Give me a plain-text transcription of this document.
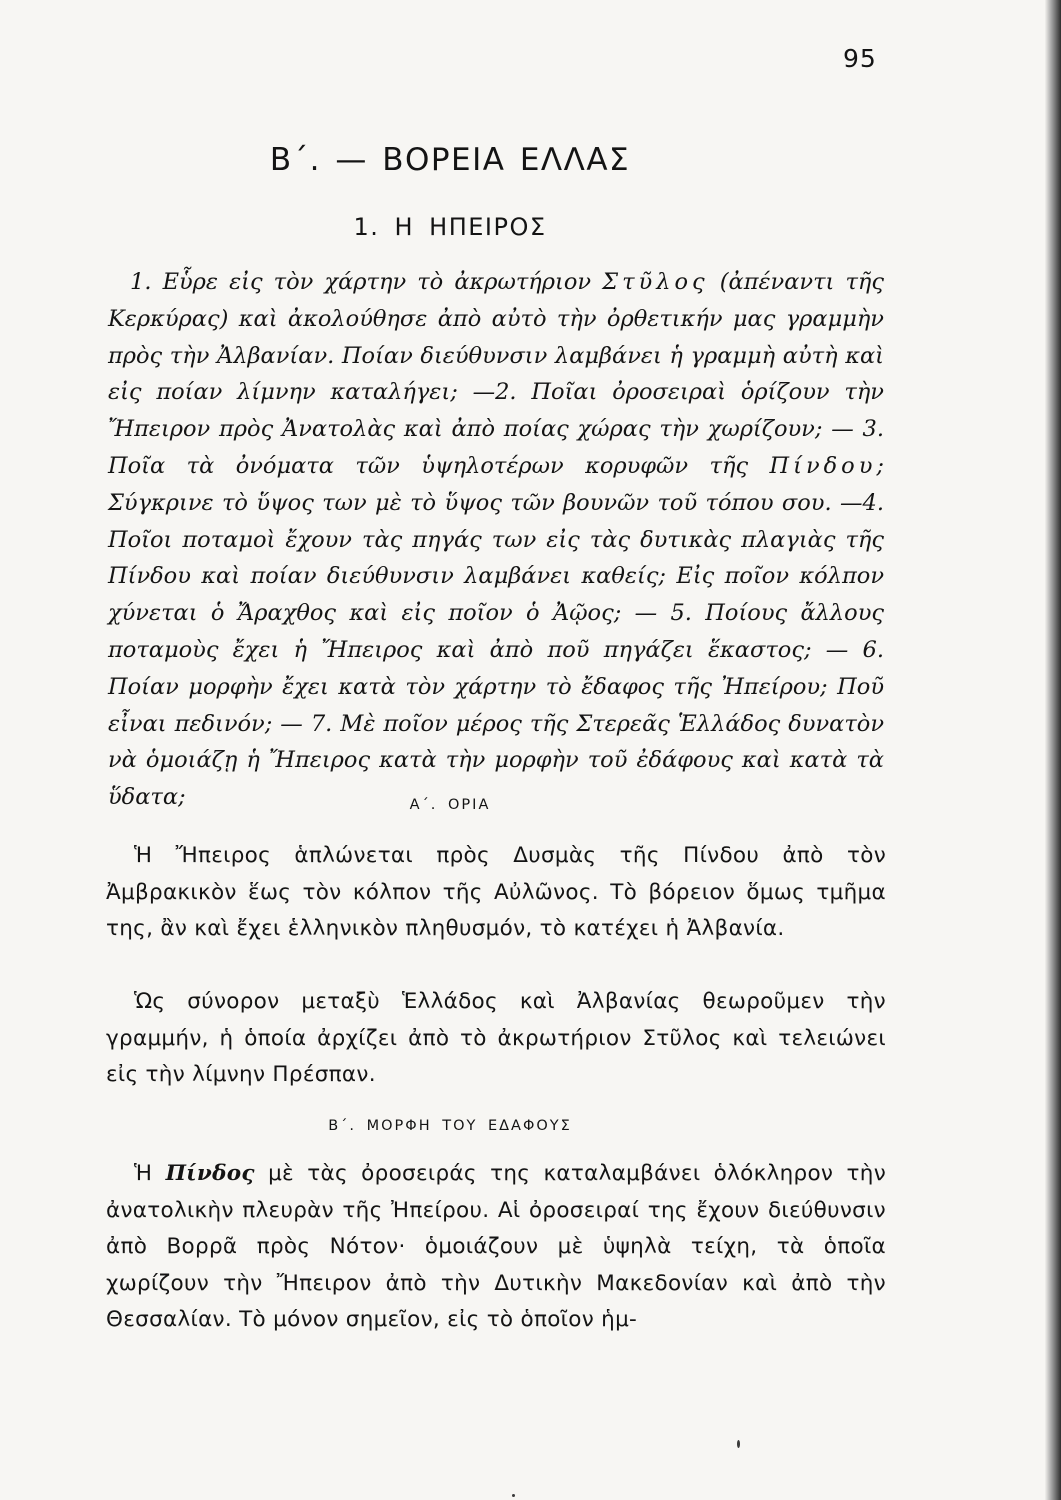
95
Β΄. — ΒΟΡΕΙΑ ΕΛΛΑΣ
1. Η ΗΠΕΙΡΟΣ

1. Εὗρε εἰς τὸν χάρτην τὸ ἀκρωτήριον Στῦλος (ἀπέναντι τῆς Κερκύρας) καὶ ἀκολούθησε ἀπὸ αὐτὸ τὴν ὀρθετικήν μας γραμμὴν πρὸς τὴν Ἀλβανίαν. Ποίαν διεύθυνσιν λαμβάνει ἡ γραμμὴ αὐτὴ καὶ εἰς ποίαν λίμνην καταλήγει; —2. Ποῖαι ὀροσειραὶ ὁρίζουν τὴν Ἤπειρον πρὸς Ἀνατολὰς καὶ ἀπὸ ποίας χώρας τὴν χωρίζουν; — 3. Ποῖα τὰ ὀνόματα τῶν ὑψηλοτέρων κορυφῶν τῆς Πίνδου; Σύγκρινε τὸ ὕψος των μὲ τὸ ὕψος τῶν βουνῶν τοῦ τόπου σου. —4. Ποῖοι ποταμοὶ ἔχουν τὰς πηγάς των εἰς τὰς δυτικὰς πλαγιὰς τῆς Πίνδου καὶ ποίαν διεύθυνσιν λαμβάνει καθείς; Εἰς ποῖον κόλπον χύνεται ὁ Ἄραχθος καὶ εἰς ποῖον ὁ Ἀῷος; — 5. Ποίους ἄλλους ποταμοὺς ἔχει ἡ Ἤπειρος καὶ ἀπὸ ποῦ πηγάζει ἕκαστος; — 6. Ποίαν μορφὴν ἔχει κατὰ τὸν χάρτην τὸ ἔδαφος τῆς Ἠπείρου; Ποῦ εἶναι πεδινόν; — 7. Μὲ ποῖον μέρος τῆς Στερεᾶς Ἑλλάδος δυνατὸν νὰ ὁμοιάζῃ ἡ Ἤπειρος κατὰ τὴν μορφὴν τοῦ ἐδάφους καὶ κατὰ τὰ ὕδατα;	Α΄. ΟΡΙΑ

Ἡ Ἤπειρος ἁπλώνεται πρὸς Δυσμὰς τῆς Πίνδου ἀπὸ τὸν Ἀμβρακικὸν ἕως τὸν κόλπον τῆς Αὐλῶνος. Τὸ βόρειον ὅμως τμῆμα της, ἂν καὶ ἔχει ἑλληνικὸν πληθυσμόν, τὸ κατέχει ἡ Ἀλβανία.

Ὡς σύνορον μεταξὺ Ἑλλάδος καὶ Ἀλβανίας θεωροῦμεν τὴν γραμμήν, ἡ ὁποία ἀρχίζει ἀπὸ τὸ ἀκρωτήριον Στῦλος καὶ τελειώνει εἰς τὴν λίμνην Πρέσπαν.

Β΄. ΜΟΡΦΗ ΤΟΥ ΕΔΑΦΟΥΣ

Ἡ Πίνδος μὲ τὰς ὀροσειράς της καταλαμβάνει ὁλόκληρον τὴν ἀνατολικὴν πλευρὰν τῆς Ἠπείρου. Αἱ ὀροσειραί της ἔχουν διεύθυνσιν ἀπὸ Βορρᾶ πρὸς Νότον· ὁμοιάζουν μὲ ὑψηλὰ τείχη, τὰ ὁποῖα χωρίζουν τὴν Ἤπειρον ἀπὸ τὴν Δυτικὴν Μακεδονίαν καὶ ἀπὸ τὴν Θεσσαλίαν. Τὸ μόνον σημεῖον, εἰς τὸ ὁποῖον ἡμ-
